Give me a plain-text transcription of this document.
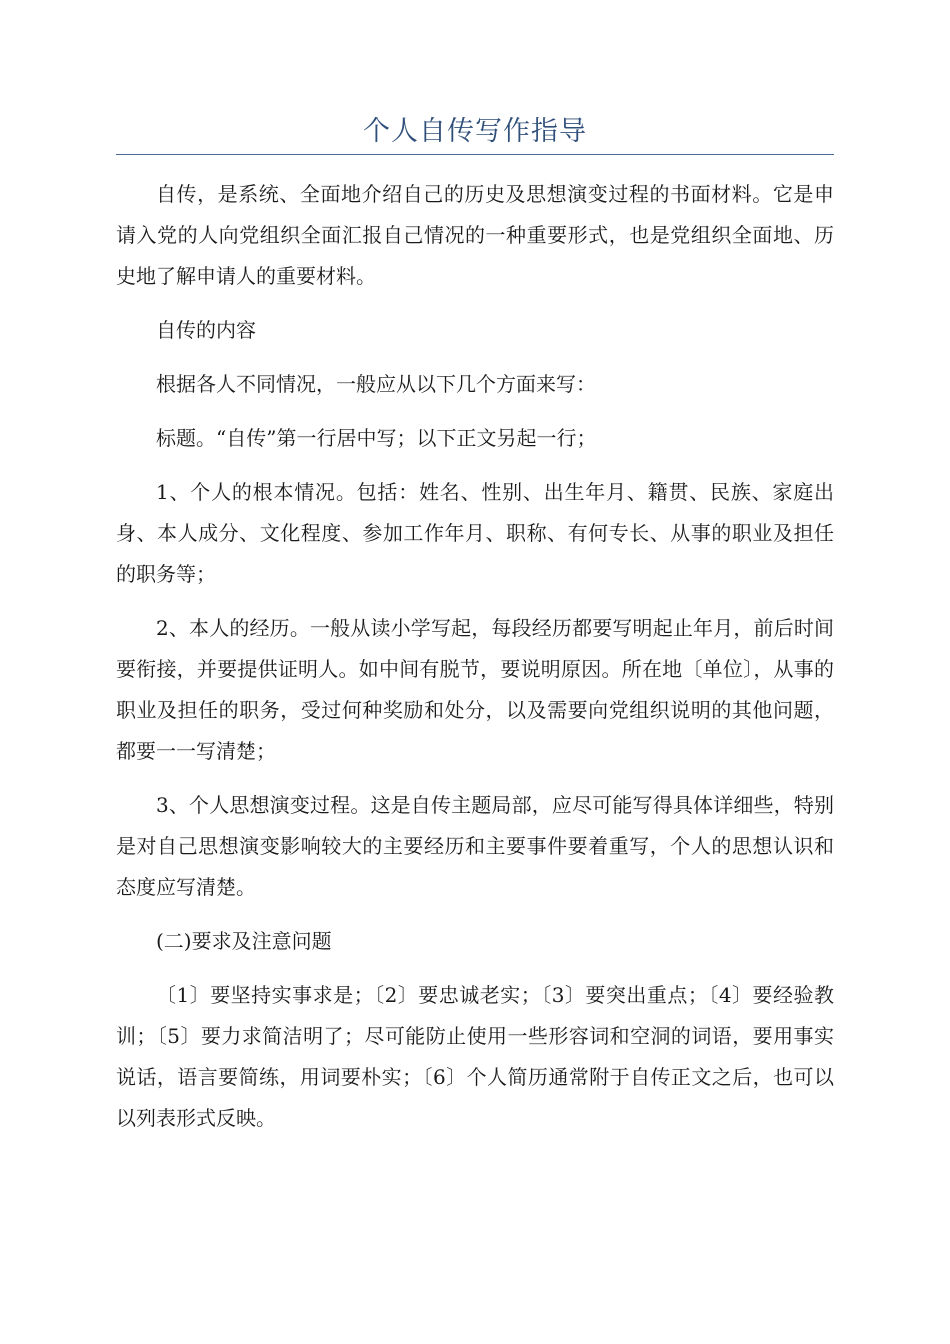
个人自传写作指导

自传，是系统、全面地介绍自己的历史及思想演变过程的书面材料。它是申请入党的人向党组织全面汇报自己情况的一种重要形式，也是党组织全面地、历史地了解申请人的重要材料。

自传的内容

根据各人不同情况，一般应从以下几个方面来写：

标题。“自传”第一行居中写；以下正文另起一行；

1、个人的根本情况。包括：姓名、性别、出生年月、籍贯、民族、家庭出身、本人成分、文化程度、参加工作年月、职称、有何专长、从事的职业及担任的职务等；

2、本人的经历。一般从读小学写起，每段经历都要写明起止年月，前后时间要衔接，并要提供证明人。如中间有脱节，要说明原因。所在地〔单位〕，从事的职业及担任的职务，受过何种奖励和处分，以及需要向党组织说明的其他问题，都要一一写清楚；

3、个人思想演变过程。这是自传主题局部，应尽可能写得具体详细些，特别是对自己思想演变影响较大的主要经历和主要事件要着重写，个人的思想认识和态度应写清楚。

(二)要求及注意问题

〔1〕要坚持实事求是；〔2〕要忠诚老实；〔3〕要突出重点；〔4〕要经验教训；〔5〕要力求简洁明了；尽可能防止使用一些形容词和空洞的词语，要用事实说话，语言要简练，用词要朴实；〔6〕个人简历通常附于自传正文之后，也可以以列表形式反映。
